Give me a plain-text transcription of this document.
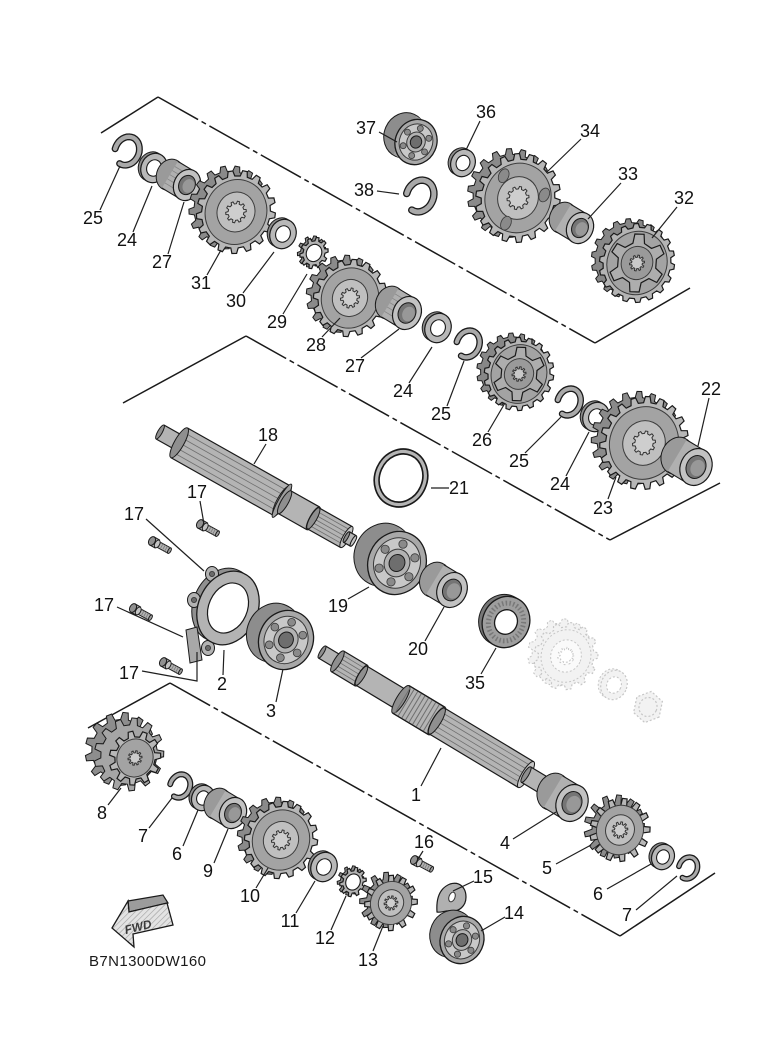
25
24
27
31
30
29
28
37
36
38
34
33
32
27
24
25
26
25
24
23
22
18
21
17
17
17
17
2
3
19
20
35
1
8
7
6
9
10
11
12
13
16
15
14
4
5
6
7
FWD
B7N1300DW160
